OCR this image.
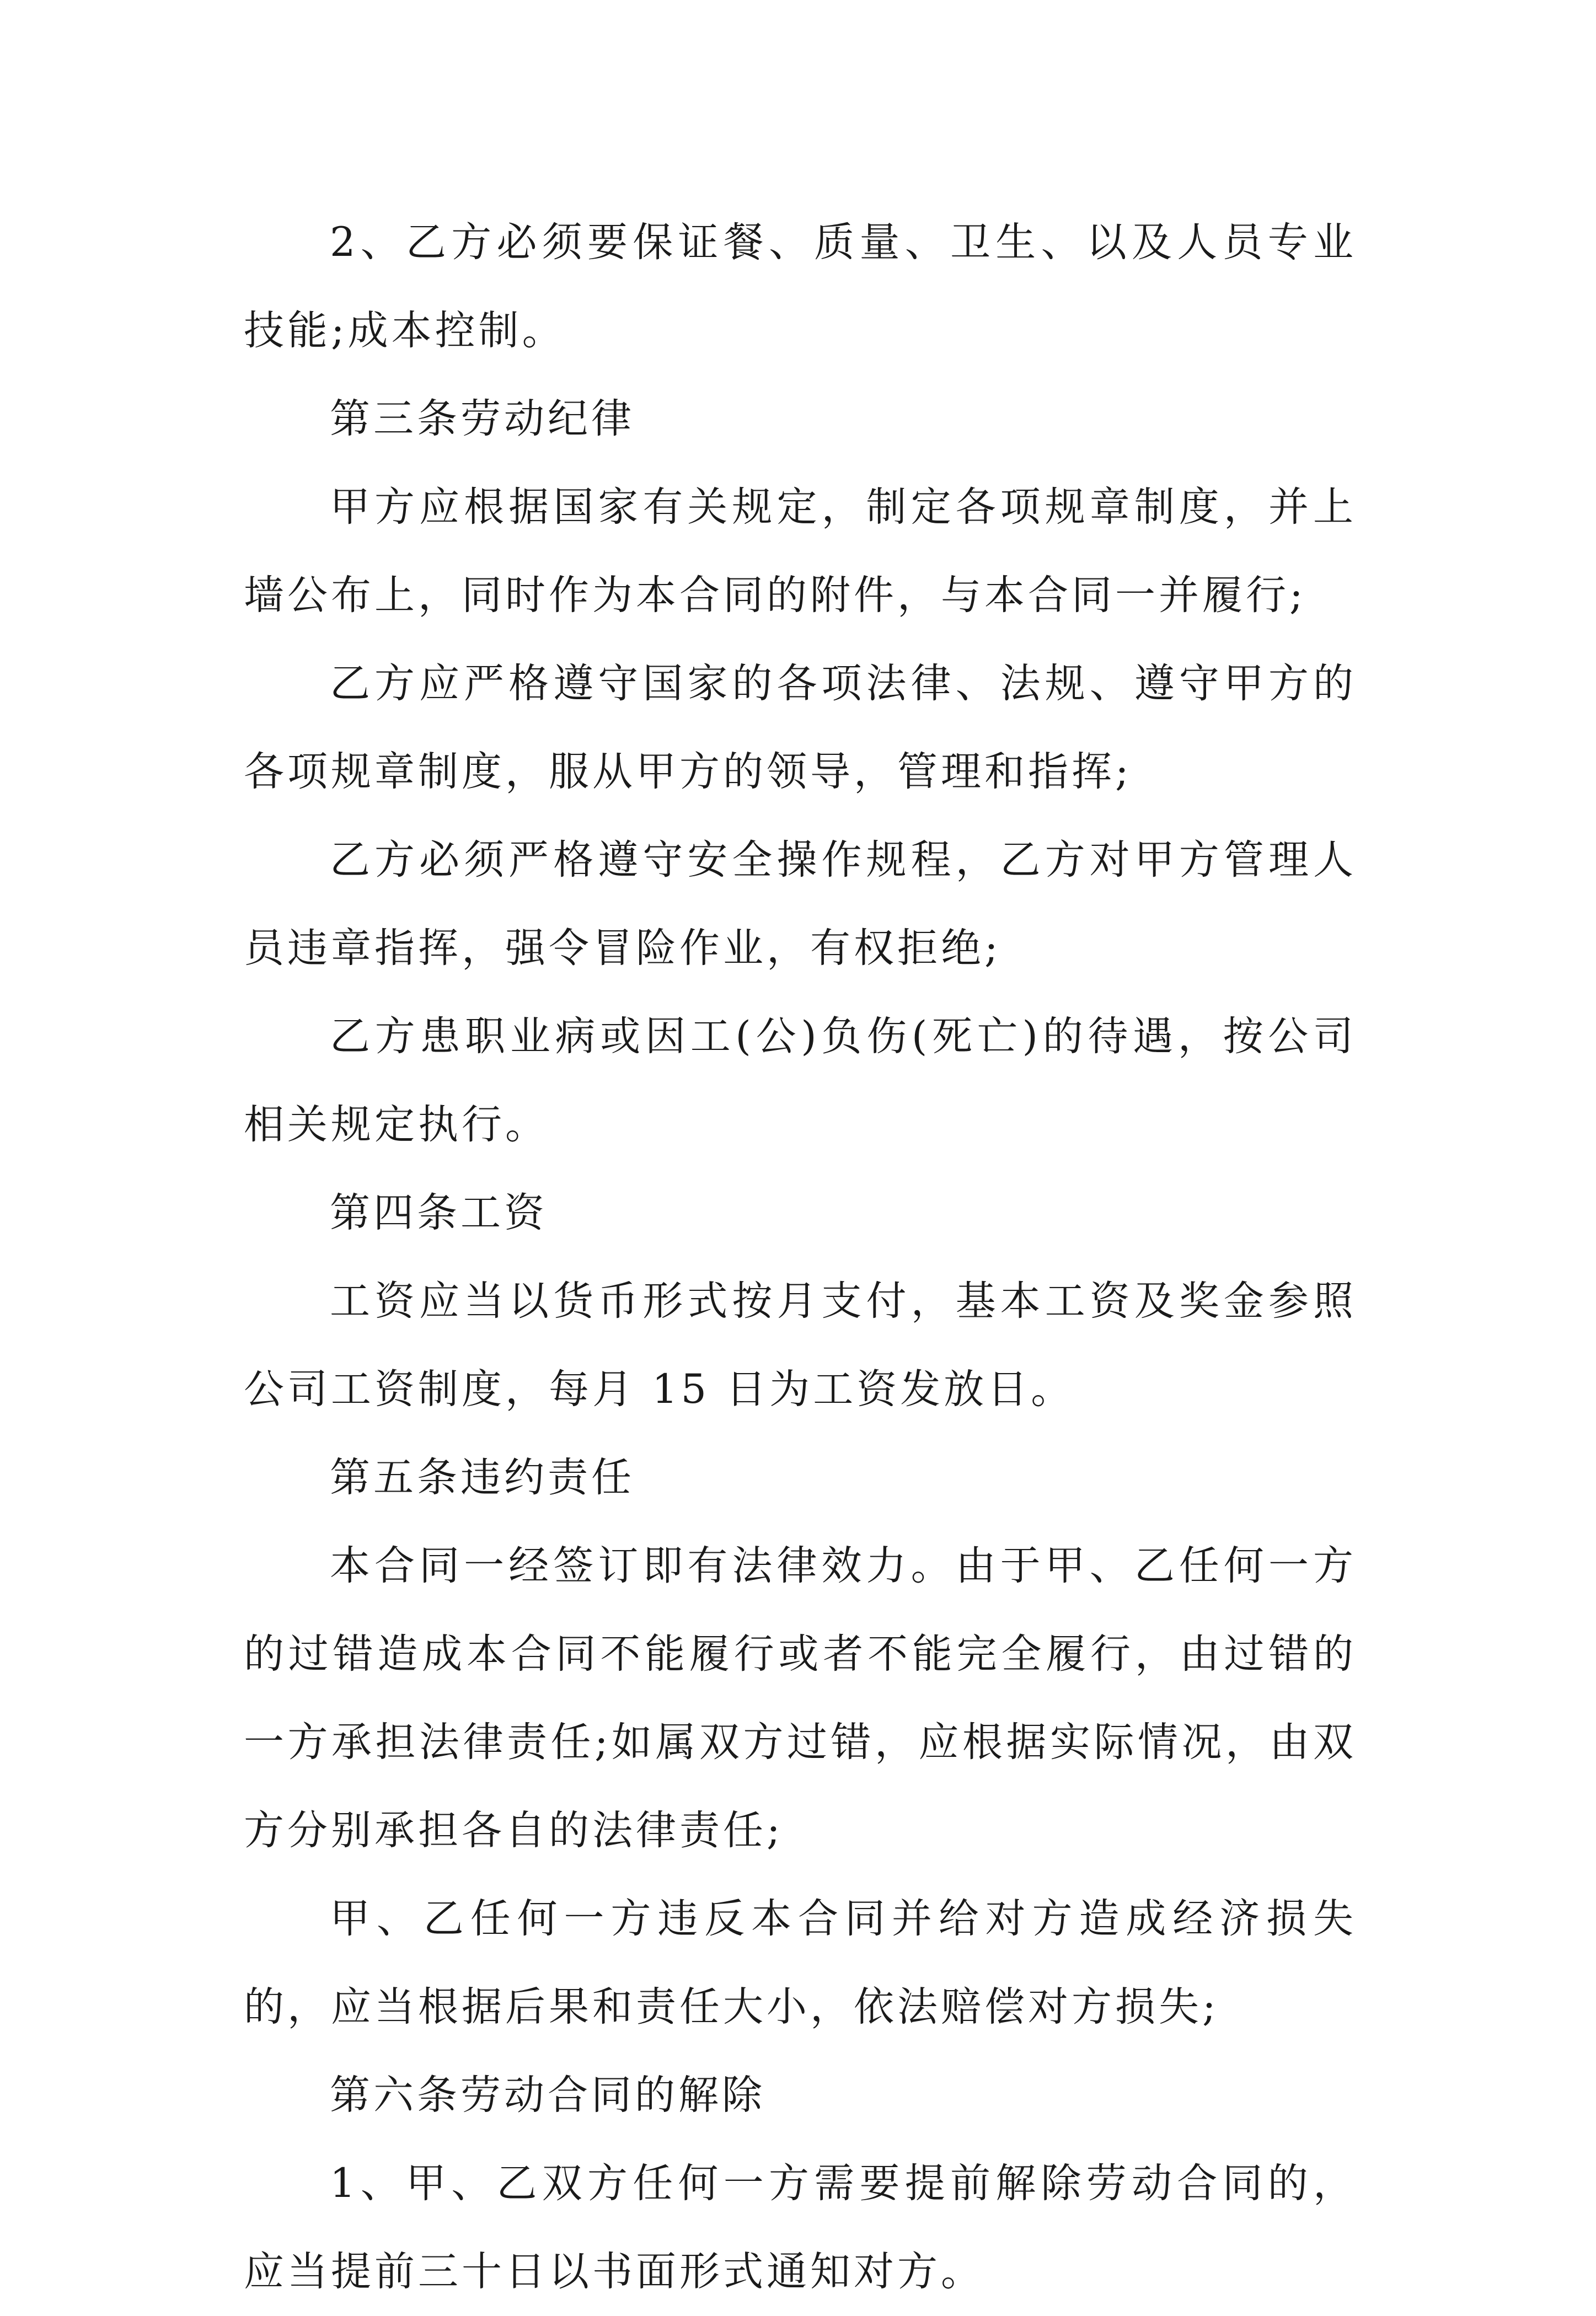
2、乙方必须要保证餐、质量、卫生、以及人员专业技能;成本控制。

第三条劳动纪律

甲方应根据国家有关规定，制定各项规章制度，并上墙公布上，同时作为本合同的附件，与本合同一并履行;

乙方应严格遵守国家的各项法律、法规、遵守甲方的各项规章制度，服从甲方的领导，管理和指挥;

乙方必须严格遵守安全操作规程，乙方对甲方管理人员违章指挥，强令冒险作业，有权拒绝;

乙方患职业病或因工(公)负伤(死亡)的待遇，按公司相关规定执行。

第四条工资

工资应当以货币形式按月支付，基本工资及奖金参照公司工资制度，每月 15 日为工资发放日。

第五条违约责任

本合同一经签订即有法律效力。由于甲、乙任何一方的过错造成本合同不能履行或者不能完全履行，由过错的一方承担法律责任;如属双方过错，应根据实际情况，由双方分别承担各自的法律责任;

甲、乙任何一方违反本合同并给对方造成经济损失的，应当根据后果和责任大小，依法赔偿对方损失;

第六条劳动合同的解除

1、甲、乙双方任何一方需要提前解除劳动合同的，应当提前三十日以书面形式通知对方。
